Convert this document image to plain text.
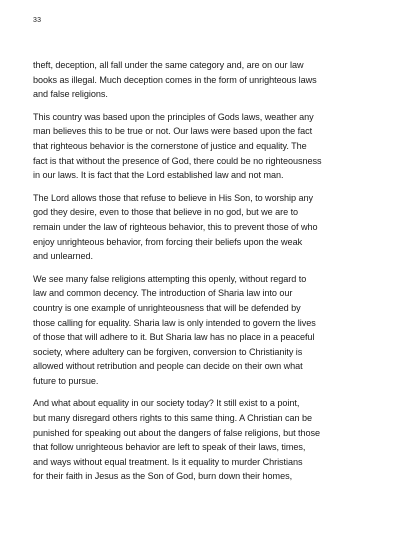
33

theft, deception, all fall under the same category and, are on our law
books as illegal. Much deception comes in the form of unrighteous laws
and false religions.

This country was based upon the principles of Gods laws, weather any
man believes this to be true or not. Our laws were based upon the fact
that righteous behavior is the cornerstone of justice and equality. The
fact is that without the presence of God, there could be no righteousness
in our laws. It is fact that the Lord established law and not man.

The Lord allows those that refuse to believe in His Son, to worship any
god they desire, even to those that believe in no god, but we are to
remain under the law of righteous behavior, this to prevent those of who
enjoy unrighteous behavior, from forcing their beliefs upon the weak
and unlearned.

We see many false religions attempting this openly, without regard to
law and common decency. The introduction of Sharia law into our
country is one example of unrighteousness that will be defended by
those calling for equality. Sharia law is only intended to govern the lives
of those that will adhere to it. But Sharia law has no place in a peaceful
society, where adultery can be forgiven, conversion to Christianity is
allowed without retribution and people can decide on their own what
future to pursue.

And what about equality in our society today? It still exist to a point,
but many disregard others rights to this same thing. A Christian can be
punished for speaking out about the dangers of false religions, but those
that follow unrighteous behavior are left to speak of their laws, times,
and ways without equal treatment. Is it equality to murder Christians
for their faith in Jesus as the Son of God, burn down their homes,
